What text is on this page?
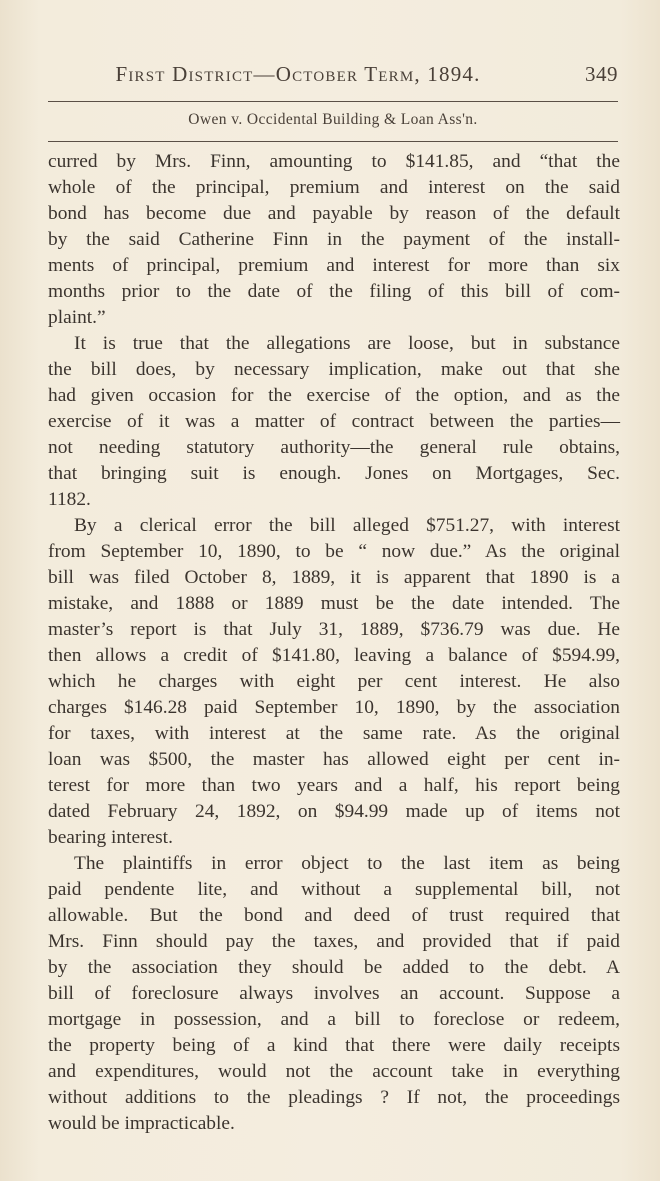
First District—October Term, 1894.	349
Owen v. Occidental Building & Loan Ass'n.
curred by Mrs. Finn, amounting to $141.85, and “that the
whole of the principal, premium and interest on the said
bond has become due and payable by reason of the default
by the said Catherine Finn in the payment of the install-
ments of principal, premium and interest for more than six
months prior to the date of the filing of this bill of com-
plaint.”
It is true that the allegations are loose, but in substance
the bill does, by necessary implication, make out that she
had given occasion for the exercise of the option, and as the
exercise of it was a matter of contract between the parties—
not needing statutory authority—the general rule obtains,
that bringing suit is enough. Jones on Mortgages, Sec.
1182.
By a clerical error the bill alleged $751.27, with interest
from September 10, 1890, to be “ now due.” As the original
bill was filed October 8, 1889, it is apparent that 1890 is a
mistake, and 1888 or 1889 must be the date intended. The
master’s report is that July 31, 1889, $736.79 was due. He
then allows a credit of $141.80, leaving a balance of $594.99,
which he charges with eight per cent interest. He also
charges $146.28 paid September 10, 1890, by the association
for taxes, with interest at the same rate. As the original
loan was $500, the master has allowed eight per cent in-
terest for more than two years and a half, his report being
dated February 24, 1892, on $94.99 made up of items not
bearing interest.
The plaintiffs in error object to the last item as being
paid pendente lite, and without a supplemental bill, not
allowable. But the bond and deed of trust required that
Mrs. Finn should pay the taxes, and provided that if paid
by the association they should be added to the debt. A
bill of foreclosure always involves an account. Suppose a
mortgage in possession, and a bill to foreclose or redeem,
the property being of a kind that there were daily receipts
and expenditures, would not the account take in everything
without additions to the pleadings ? If not, the proceedings
would be impracticable.
